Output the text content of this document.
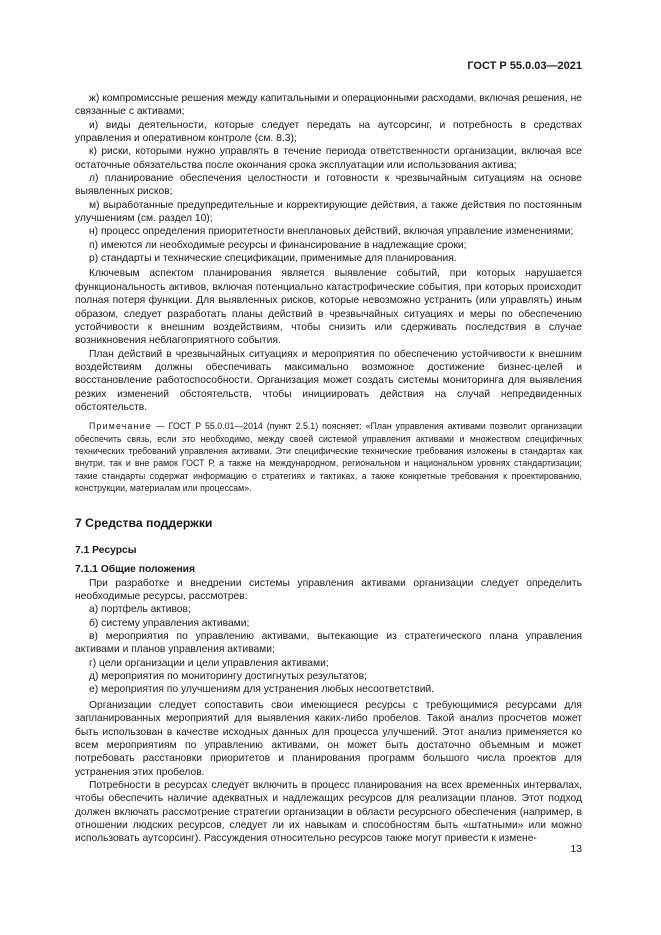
ГОСТ Р 55.0.03—2021

ж) компромиссные решения между капитальными и операционными расходами, включая решения, не связанные с активами;

и) виды деятельности, которые следует передать на аутсорсинг, и потребность в средствах управления и оперативном контроле (см. 8.3);

к) риски, которыми нужно управлять в течение периода ответственности организации, включая все остаточные обязательства после окончания срока эксплуатации или использования актива;

л) планирование обеспечения целостности и готовности к чрезвычайным ситуациям на основе выявленных рисков;

м) выработанные предупредительные и корректирующие действия, а также действия по постоянным улучшениям (см. раздел 10);

н) процесс определения приоритетности внеплановых действий, включая управление изменениями;

п) имеются ли необходимые ресурсы и финансирование в надлежащие сроки;

р) стандарты и технические спецификации, применимые для планирования.

Ключевым аспектом планирования является выявление событий, при которых нарушается функциональность активов, включая потенциально катастрофические события, при которых происходит полная потеря функции. Для выявленных рисков, которые невозможно устранить (или управлять) иным образом, следует разработать планы действий в чрезвычайных ситуациях и меры по обеспечению устойчивости к внешним воздействиям, чтобы снизить или сдерживать последствия в случае возникновения неблагоприятного события.

План действий в чрезвычайных ситуациях и мероприятия по обеспечению устойчивости к внешним воздействиям должны обеспечивать максимально возможное достижение бизнес-целей и восстановление работоспособности. Организация может создать системы мониторинга для выявления резких изменений обстоятельств, чтобы инициировать действия на случай непредвиденных обстоятельств.

Примечание — ГОСТ Р 55.0.01—2014 (пункт 2.5.1) поясняет: «План управления активами позволит организации обеспечить связь, если это необходимо, между своей системой управления активами и множеством специфичных технических требований управления активами. Эти специфические технические требования изложены в стандартах как внутри, так и вне рамок ГОСТ Р, а также на международном, региональном и национальном уровнях стандартизации; такие стандарты содержат информацию о стратегиях и тактиках, а также конкретные требования к проектированию, конструкции, материалам или процессам».

7 Средства поддержки

7.1 Ресурсы

7.1.1 Общие положения

При разработке и внедрении системы управления активами организации следует определить необходимые ресурсы, рассмотрев:

а) портфель активов;

б) систему управления активами;

в) мероприятия по управлению активами, вытекающие из стратегического плана управления активами и планов управления активами;

г) цели организации и цели управления активами;

д) мероприятия по мониторингу достигнутых результатов;

е) мероприятия по улучшениям для устранения любых несоответствий.

Организации следует сопоставить свои имеющиеся ресурсы с требующимися ресурсами для запланированных мероприятий для выявления каких-либо пробелов. Такой анализ просчетов может быть использован в качестве исходных данных для процесса улучшений. Этот анализ применяется ко всем мероприятиям по управлению активами, он может быть достаточно объемным и может потребовать расстановки приоритетов и планирования программ большого числа проектов для устранения этих пробелов.

Потребности в ресурсах следует включить в процесс планирования на всех временны́х интервалах, чтобы обеспечить наличие адекватных и надлежащих ресурсов для реализации планов. Этот подход должен включать рассмотрение стратегии организации в области ресурсного обеспечения (например, в отношении людских ресурсов, следует ли их навыкам и способностям быть «штатными» или можно использовать аутсорсинг). Рассуждения относительно ресурсов также могут привести к измене-

13
